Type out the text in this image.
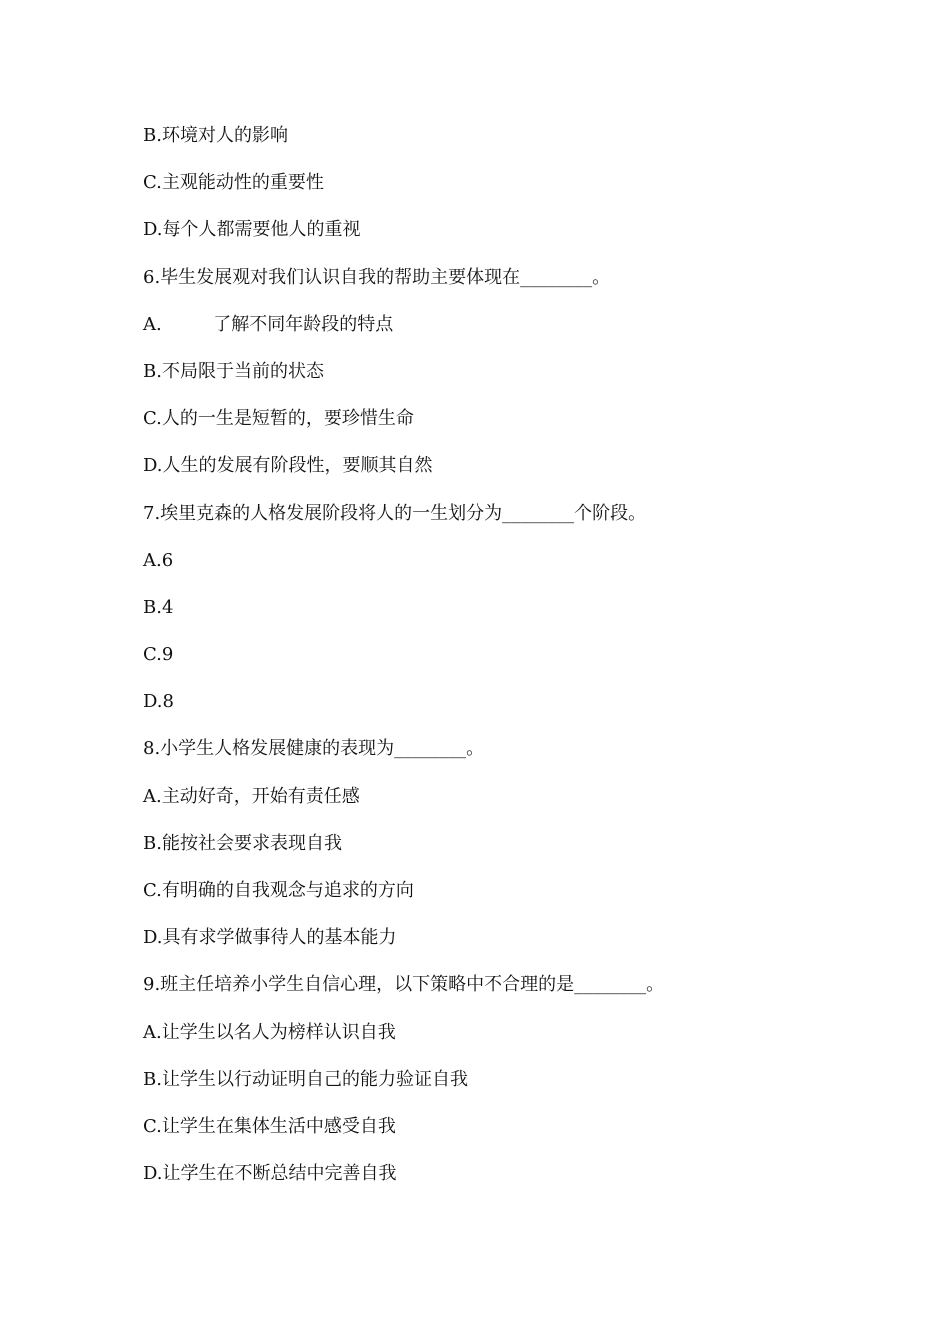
B.环境对人的影响
C.主观能动性的重要性
D.每个人都需要他人的重视
6.毕生发展观对我们认识自我的帮助主要体现在________。
A.         了解不同年龄段的特点
B.不局限于当前的状态
C.人的一生是短暂的，要珍惜生命
D.人生的发展有阶段性，要顺其自然
7.埃里克森的人格发展阶段将人的一生划分为________个阶段。
A.6
B.4
C.9
D.8
8.小学生人格发展健康的表现为________。
A.主动好奇，开始有责任感
B.能按社会要求表现自我
C.有明确的自我观念与追求的方向
D.具有求学做事待人的基本能力
9.班主任培养小学生自信心理，以下策略中不合理的是________。
A.让学生以名人为榜样认识自我
B.让学生以行动证明自己的能力验证自我
C.让学生在集体生活中感受自我
D.让学生在不断总结中完善自我
